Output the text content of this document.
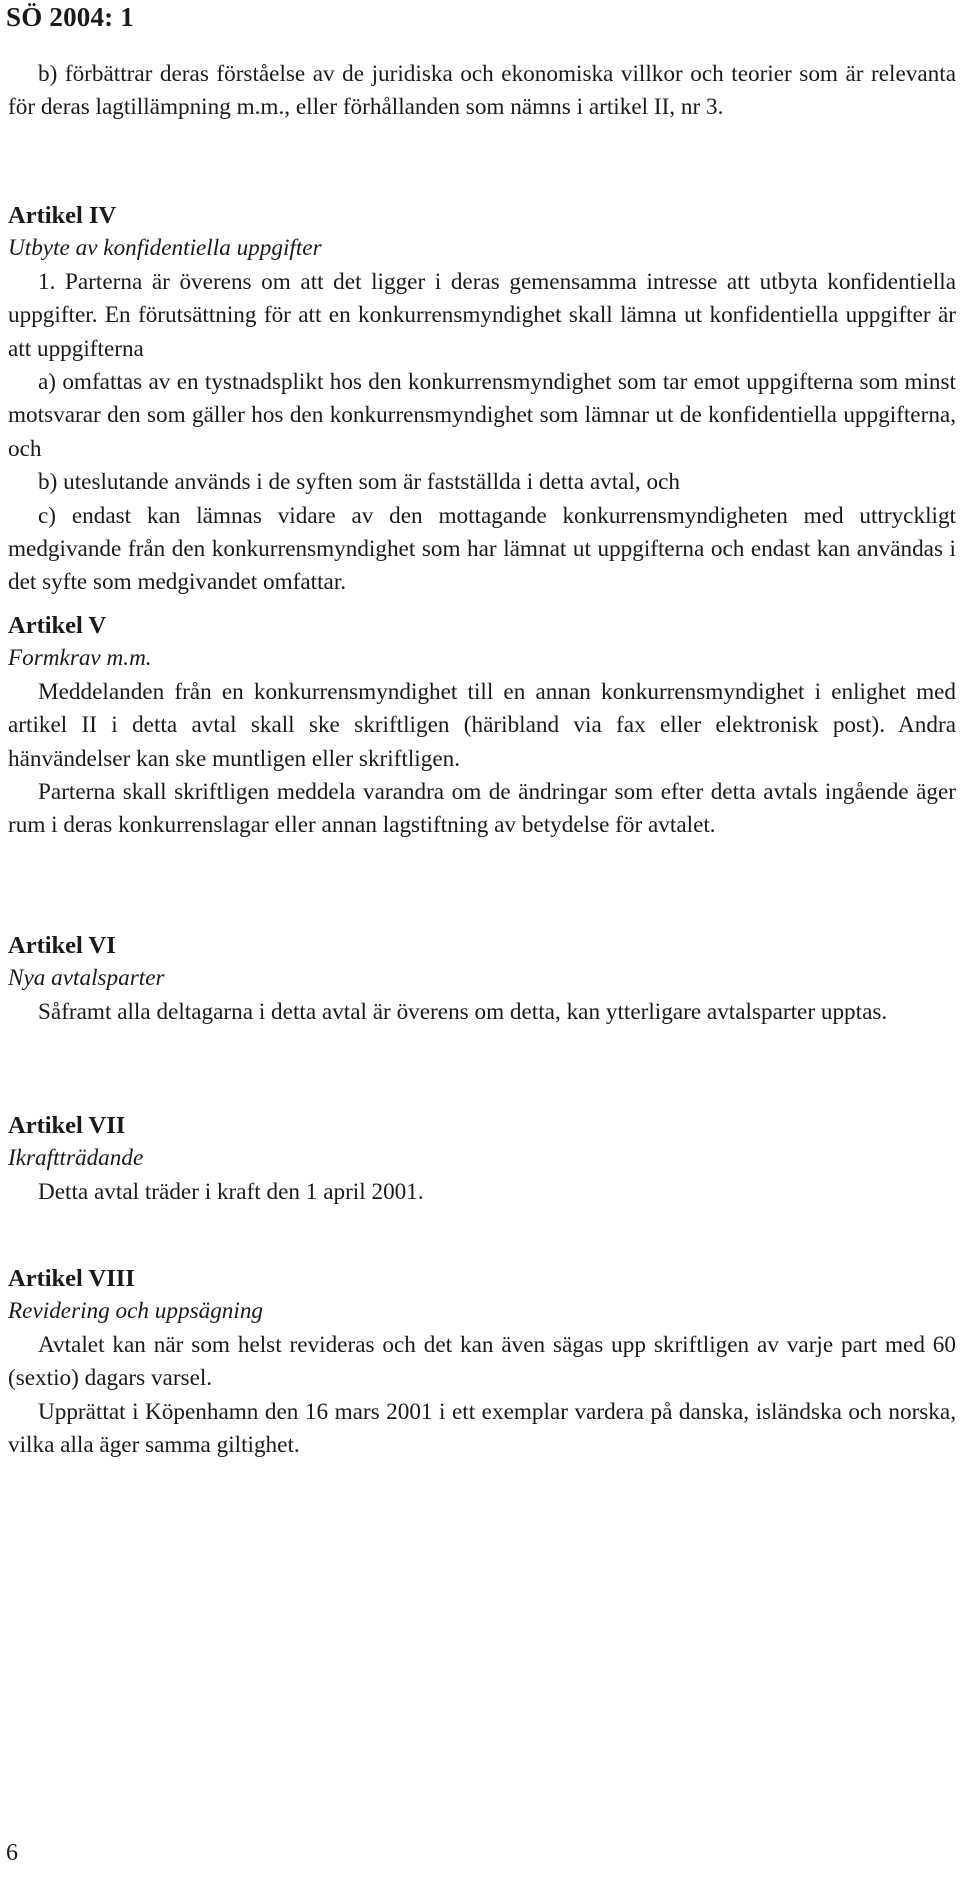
SÖ 2004: 1

b) förbättrar deras förståelse av de juridiska och ekonomiska villkor och teorier som är relevanta för deras lagtillämpning m.m., eller förhållanden som nämns i artikel II, nr 3.

Artikel IV

Utbyte av konfidentiella uppgifter

1. Parterna är överens om att det ligger i deras gemensamma intresse att utbyta konfidentiella uppgifter. En förutsättning för att en konkurrensmyndighet skall lämna ut konfidentiella uppgifter är att uppgifterna

a) omfattas av en tystnadsplikt hos den konkurrensmyndighet som tar emot uppgifterna som minst motsvarar den som gäller hos den konkurrensmyndighet som lämnar ut de konfidentiella uppgifterna, och

b) uteslutande används i de syften som är fastställda i detta avtal, och

c) endast kan lämnas vidare av den mottagande konkurrensmyndigheten med uttryckligt medgivande från den konkurrensmyndighet som har lämnat ut uppgifterna och endast kan användas i det syfte som medgivandet omfattar.

Artikel V

Formkrav m.m.

Meddelanden från en konkurrensmyndighet till en annan konkurrensmyndighet i enlighet med artikel II i detta avtal skall ske skriftligen (häribland via fax eller elektronisk post). Andra hänvändelser kan ske muntligen eller skriftligen.

Parterna skall skriftligen meddela varandra om de ändringar som efter detta avtals ingående äger rum i deras konkurrenslagar eller annan lagstiftning av betydelse för avtalet.

Artikel VI

Nya avtalsparter

Såframt alla deltagarna i detta avtal är överens om detta, kan ytterligare avtalsparter upptas.

Artikel VII

Ikraftträdande

Detta avtal träder i kraft den 1 april 2001.

Artikel VIII

Revidering och uppsägning

Avtalet kan när som helst revideras och det kan även sägas upp skriftligen av varje part med 60 (sextio) dagars varsel.

Upprättat i Köpenhamn den 16 mars 2001 i ett exemplar vardera på danska, isländska och norska, vilka alla äger samma giltighet.

6
